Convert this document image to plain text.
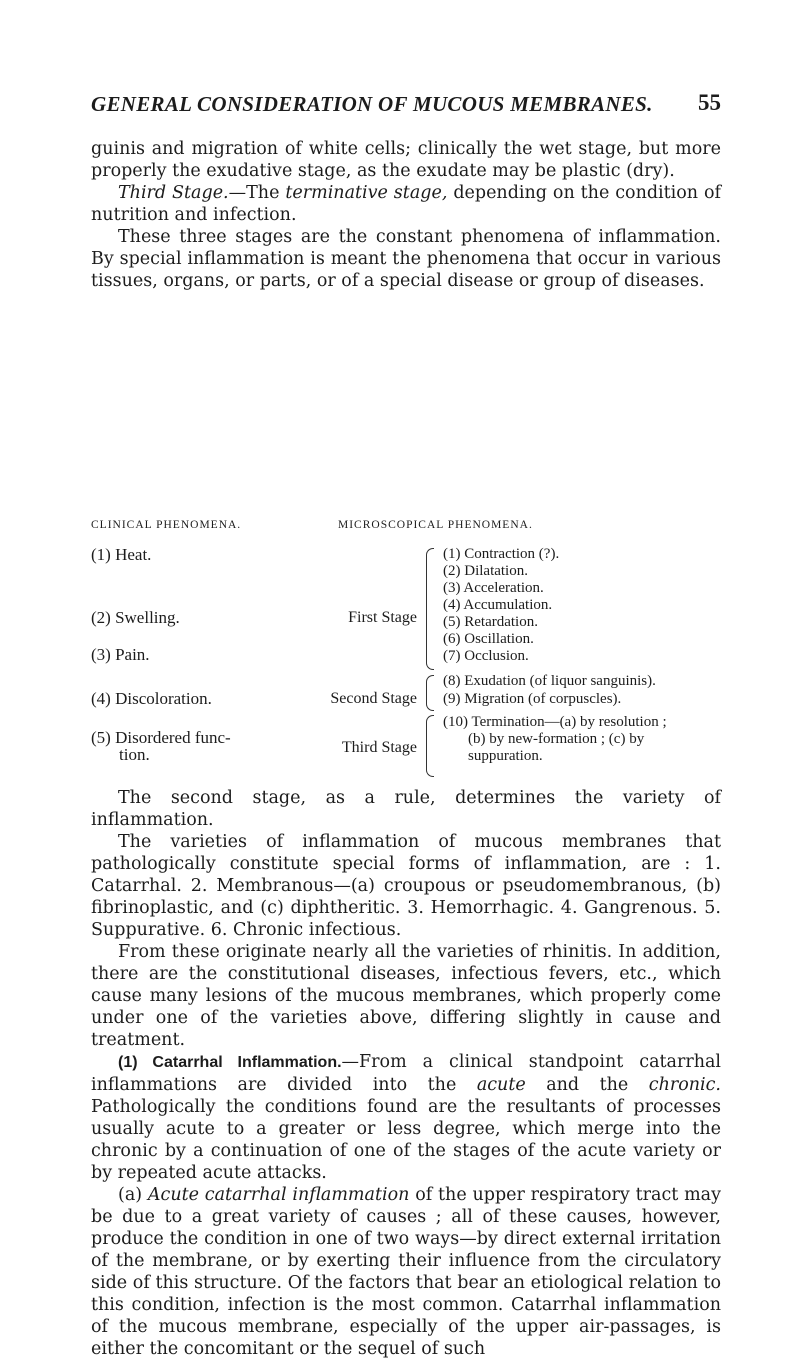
GENERAL CONSIDERATION OF MUCOUS MEMBRANES. 55

guinis and migration of white cells; clinically the wet stage, but more properly the exudative stage, as the exudate may be plastic (dry).

Third Stage.—The terminative stage, depending on the condition of nutrition and infection.

These three stages are the constant phenomena of inflammation. By special inflammation is meant the phenomena that occur in various tissues, organs, or parts, or of a special disease or group of diseases.

CLINICAL PHENOMENA.	MICROSCOPICAL PHENOMENA.
(1) Heat.
(2) Swelling.
(3) Pain.
(4) Discoloration.
(5) Disordered func-
tion.
First Stage
Second Stage
Third Stage
(1) Contraction (?).
(2) Dilatation.
(3) Acceleration.
(4) Accumulation.
(5) Retardation.
(6) Oscillation.
(7) Occlusion.
(8) Exudation (of liquor sanguinis).
(9) Migration (of corpuscles).
(10) Termination—(a) by resolution ;
(b) by new-formation ; (c) by
suppuration.

The second stage, as a rule, determines the variety of inflammation.

The varieties of inflammation of mucous membranes that pathologically constitute special forms of inflammation, are : 1. Catarrhal. 2. Membranous—(a) croupous or pseudomembranous, (b) fibrinoplastic, and (c) diphtheritic. 3. Hemorrhagic. 4. Gangrenous. 5. Suppurative. 6. Chronic infectious.

From these originate nearly all the varieties of rhinitis. In addition, there are the constitutional diseases, infectious fevers, etc., which cause many lesions of the mucous membranes, which properly come under one of the varieties above, differing slightly in cause and treatment.

(1) Catarrhal Inflammation.—From a clinical standpoint catarrhal inflammations are divided into the acute and the chronic. Pathologically the conditions found are the resultants of processes usually acute to a greater or less degree, which merge into the chronic by a continuation of one of the stages of the acute variety or by repeated acute attacks.

(a) Acute catarrhal inflammation of the upper respiratory tract may be due to a great variety of causes ; all of these causes, however, produce the condition in one of two ways—by direct external irritation of the membrane, or by exerting their influence from the circulatory side of this structure. Of the factors that bear an etiological relation to this condition, infection is the most common. Catarrhal inflammation of the mucous membrane, especially of the upper air-passages, is either the concomitant or the sequel of such
